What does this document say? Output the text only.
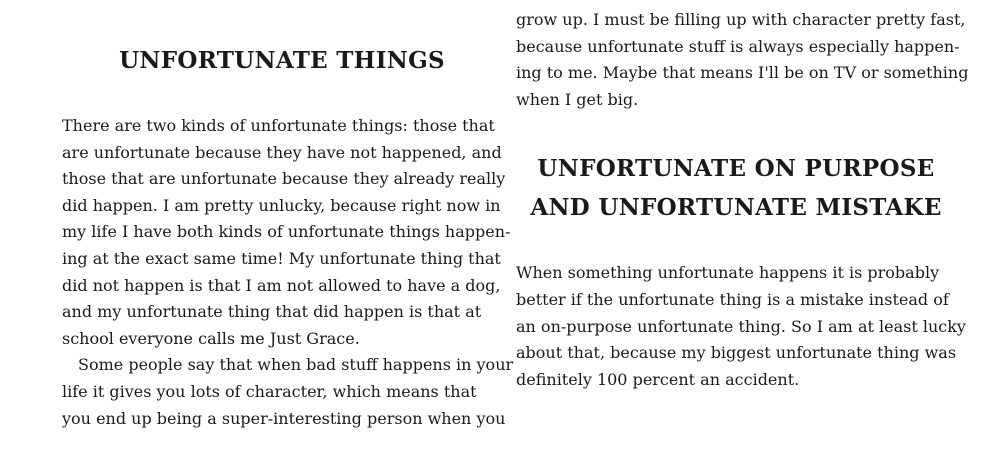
UNFORTUNATE THINGS

There are two kinds of unfortunate things: those that

are unfortunate because they have not happened, and

those that are unfortunate because they already really

did happen. I am pretty unlucky, because right now in

my life I have both kinds of unfortunate things happen-

ing at the exact same time! My unfortunate thing that

did not happen is that I am not allowed to have a dog,

and my unfortunate thing that did happen is that at

school everyone calls me Just Grace.

Some people say that when bad stuff happens in your

life it gives you lots of character, which means that

you end up being a super-interesting person when you

grow up. I must be filling up with character pretty fast,

because unfortunate stuff is always especially happen-

ing to me. Maybe that means I'll be on TV or something

when I get big.

UNFORTUNATE ON PURPOSE
AND UNFORTUNATE MISTAKE

When something unfortunate happens it is probably

better if the unfortunate thing is a mistake instead of

an on-purpose unfortunate thing. So I am at least lucky

about that, because my biggest unfortunate thing was

definitely 100 percent an accident.
